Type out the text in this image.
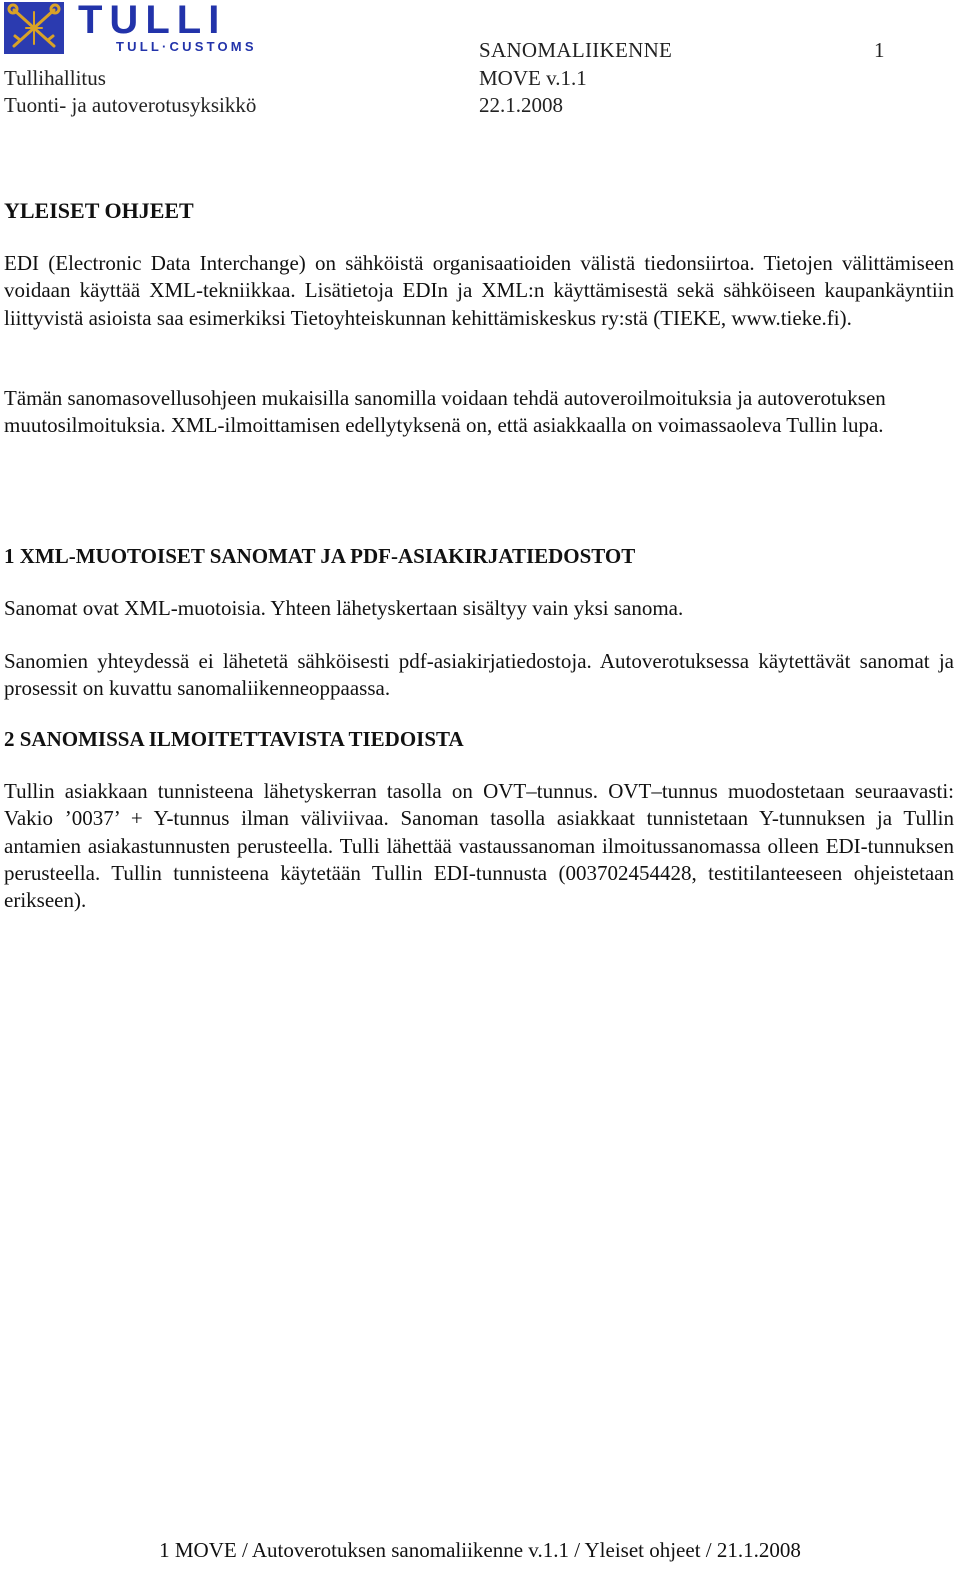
TULLI
TULL·CUSTOMS
Tullihallitus
Tuonti- ja autoverotusyksikkö
SANOMALIIKENNE	1
MOVE v.1.1
22.1.2008
YLEISET OHJEET

EDI (Electronic Data Interchange) on sähköistä organisaatioiden välistä tiedonsiirtoa. Tietojen välittämiseen voidaan käyttää XML-tekniikkaa. Lisätietoja EDIn ja XML:n käyttämisestä sekä sähköiseen kaupankäyntiin liittyvistä asioista saa esimerkiksi Tietoyhteiskunnan kehittämiskeskus ry:stä (TIEKE, www.tieke.fi).

Tämän sanomasovellusohjeen mukaisilla sanomilla voidaan tehdä autoveroilmoituksia ja autoverotuksen muutosilmoituksia. XML-ilmoittamisen edellytyksenä on, että asiakkaalla on voimassaoleva Tullin lupa.

1 XML-MUOTOISET SANOMAT JA PDF-ASIAKIRJATIEDOSTOT

Sanomat ovat XML-muotoisia. Yhteen lähetyskertaan sisältyy vain yksi sanoma.

Sanomien yhteydessä ei lähetetä sähköisesti pdf-asiakirjatiedostoja. Autoverotuksessa käytettävät sanomat ja prosessit on kuvattu sanomaliikenneoppaassa.

2 SANOMISSA ILMOITETTAVISTA TIEDOISTA

Tullin asiakkaan tunnisteena lähetyskerran tasolla on OVT–tunnus. OVT–tunnus muodostetaan seuraavasti: Vakio ’0037’ + Y-tunnus ilman väliviivaa. Sanoman tasolla asiakkaat tunnistetaan Y-tunnuksen ja Tullin antamien asiakastunnusten perusteella. Tulli lähettää vastaussanoman ilmoitussanomassa olleen EDI-tunnuksen perusteella. Tullin tunnisteena käytetään Tullin EDI-tunnusta (003702454428, testitilanteeseen ohjeistetaan erikseen).

1 MOVE / Autoverotuksen sanomaliikenne v.1.1 / Yleiset ohjeet / 21.1.2008
